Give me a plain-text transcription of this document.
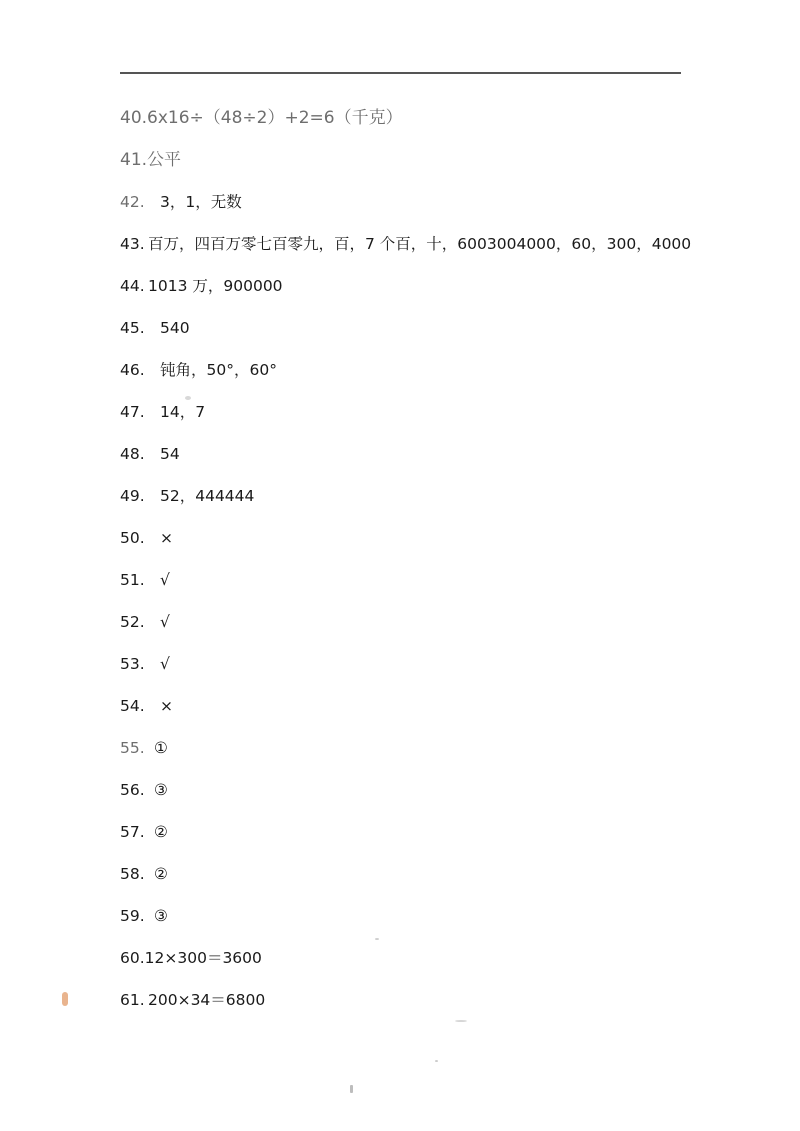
40.6x16÷（48÷2）+2=6（千克）
41.公平
42. 3，1，无数
43. 百万，四百万零七百零九，百，7 个百，十，6003004000，60，300，4000
44. 1013 万，900000
45. 540
46. 钝角，50°，60°
47. 14，7
48. 54
49. 52，444444
50. ×
51. √
52. √
53. √
54. ×
55. ①
56. ③
57. ②
58. ②
59. ③
60.12×300＝3600
61. 200×34＝6800
